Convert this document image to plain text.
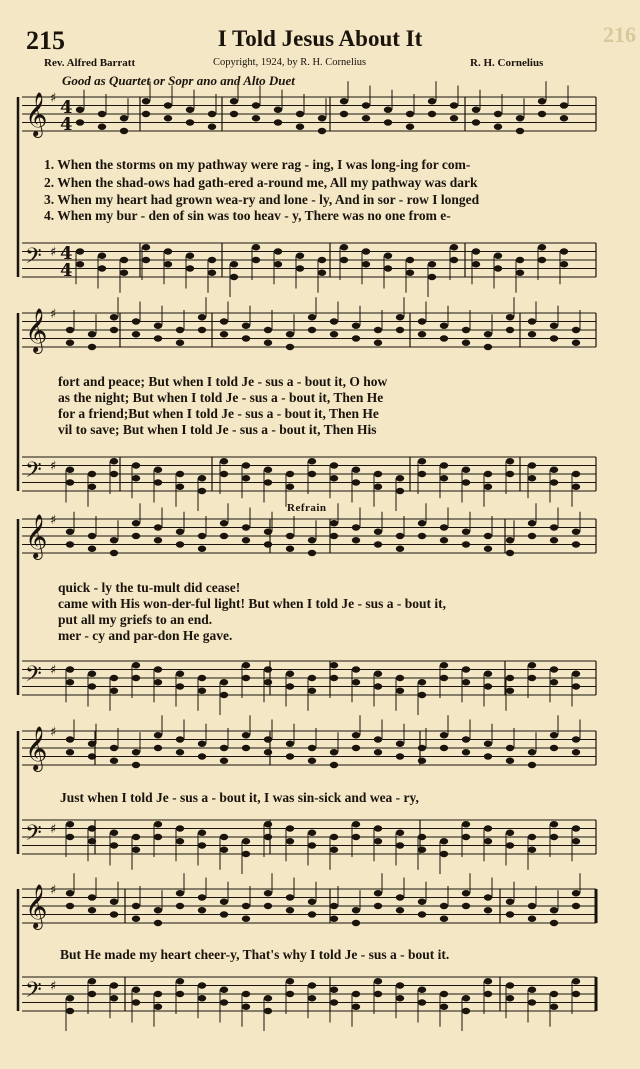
215	I Told Jesus About It	216
Rev. Alfred Barratt	Copyright, 1924, by R. H. Cornelius	R. H. Cornelius
Good as Quartet or Sopr ano and Alto Duet
Refrain
𝄞 ♯
𝄢 ♯
𝄞 ♯
𝄢 ♯
𝄞 ♯
𝄢 ♯
𝄞 ♯
𝄢 ♯
𝄞 ♯
𝄢 ♯
4
4
4
4
1. When the storms on my pathway were rag - ing, I was long-ing for com-
2. When the shad-ows had gath-ered a-round me, All my pathway was dark
3. When my heart had grown wea-ry and lone - ly, And in sor - row I longed
4. When my bur - den of sin was too heav - y, There was no one from e-
fort and peace; But when I told Je - sus a - bout it, O how
as the night; But when I told Je - sus a - bout it, Then He
for a friend;But when I told Je - sus a - bout it, Then He
vil to save; But when I told Je - sus a - bout it, Then His
quick - ly the tu-mult did cease!
came with His won-der-ful light! But when I told Je - sus a - bout it,
put all my griefs to an end.
mer - cy and par-don He gave.
Just when I told Je - sus a - bout it, I was sin-sick and wea - ry,
But He made my heart cheer-y, That's why I told Je - sus a - bout it.
